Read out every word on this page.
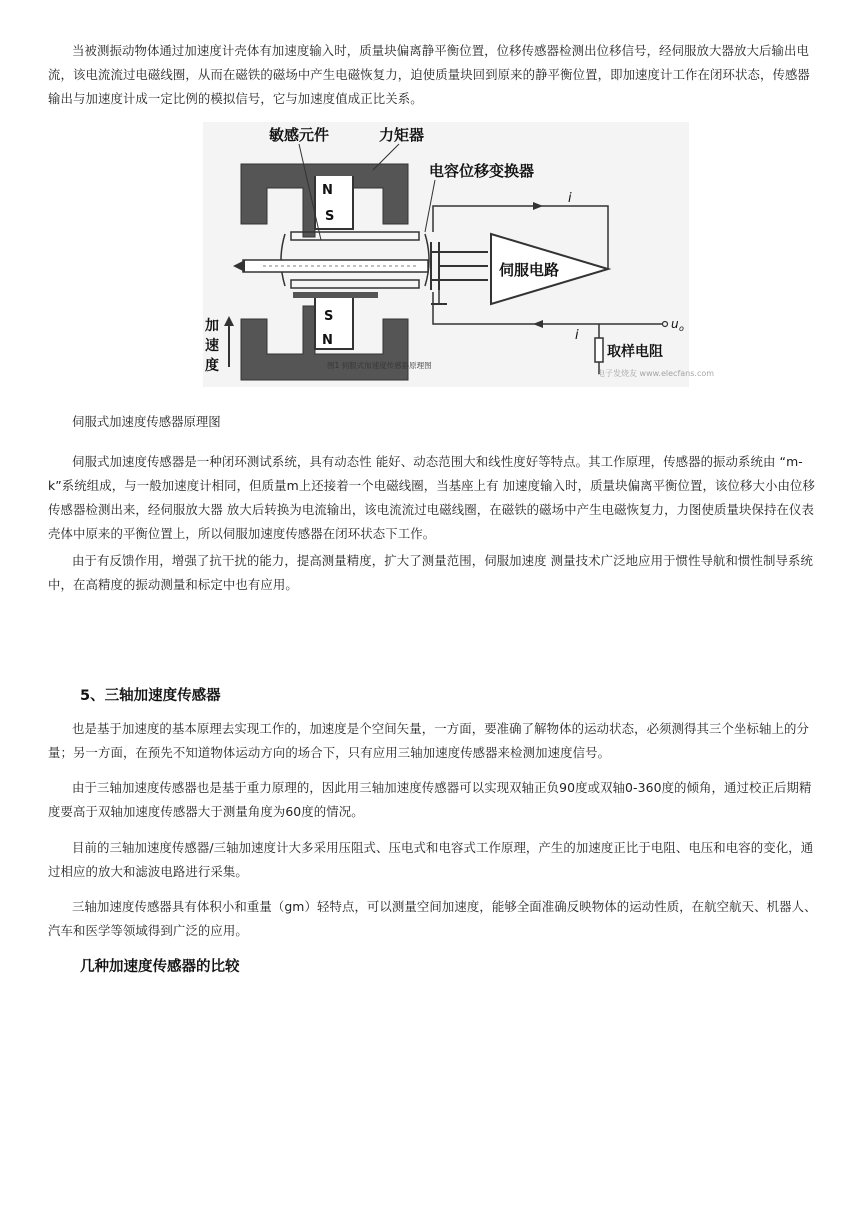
当被测振动物体通过加速度计壳体有加速度输入时，质量块偏离静平衡位置，位移传感器检测出位移信号，经伺服放大器放大后输出电流，该电流流过电磁线圈，从而在磁铁的磁场中产生电磁恢复力，迫使质量块回到原来的静平衡位置，即加速度计工作在闭环状态，传感器输出与加速度计成一定比例的模拟信号，它与加速度值成正比关系。

N
S
S
N
伺服电路
i
i
u o
取样电阻
敏感元件	力矩器
电容位移变换器
加
速
度	图1 伺服式加速度传感器原理图
电子发烧友 www.elecfans.com

伺服式加速度传感器原理图

伺服式加速度传感器是一种闭环测试系统，具有动态性 能好、动态范围大和线性度好等特点。其工作原理，传感器的振动系统由 “m-k”系统组成，与一般加速度计相同，但质量m上还接着一个电磁线圈，当基座上有 加速度输入时，质量块偏离平衡位置，该位移大小由位移传感器检测出来，经伺服放大器 放大后转换为电流输出，该电流流过电磁线圈，在磁铁的磁场中产生电磁恢复力，力图使质量块保持在仪表壳体中原来的平衡位置上，所以伺服加速度传感器在闭环状态下工作。

由于有反馈作用，增强了抗干扰的能力，提高测量精度，扩大了测量范围，伺服加速度 测量技术广泛地应用于惯性导航和惯性制导系统中，在高精度的振动测量和标定中也有应用。

5、三轴加速度传感器

也是基于加速度的基本原理去实现工作的，加速度是个空间矢量，一方面，要准确了解物体的运动状态，必须测得其三个坐标轴上的分量；另一方面，在预先不知道物体运动方向的场合下，只有应用三轴加速度传感器来检测加速度信号。

由于三轴加速度传感器也是基于重力原理的，因此用三轴加速度传感器可以实现双轴正负90度或双轴0-360度的倾角，通过校正后期精度要高于双轴加速度传感器大于测量角度为60度的情况。

目前的三轴加速度传感器/三轴加速度计大多采用压阻式、压电式和电容式工作原理，产生的加速度正比于电阻、电压和电容的变化，通过相应的放大和滤波电路进行采集。

三轴加速度传感器具有体积小和重量（gm）轻特点，可以测量空间加速度，能够全面准确反映物体的运动性质，在航空航天、机器人、汽车和医学等领域得到广泛的应用。

几种加速度传感器的比较
